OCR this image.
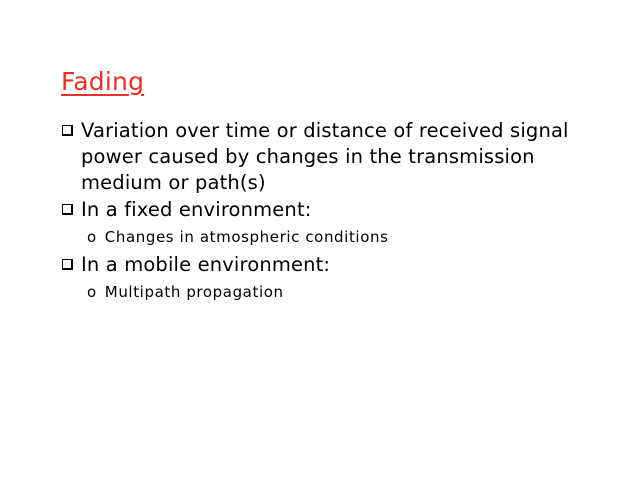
Fading
Variation over time or distance of received signal power caused by changes in the transmission medium or path(s)
In a fixed environment:
o Changes in atmospheric conditions
In a mobile environment:
o Multipath propagation
